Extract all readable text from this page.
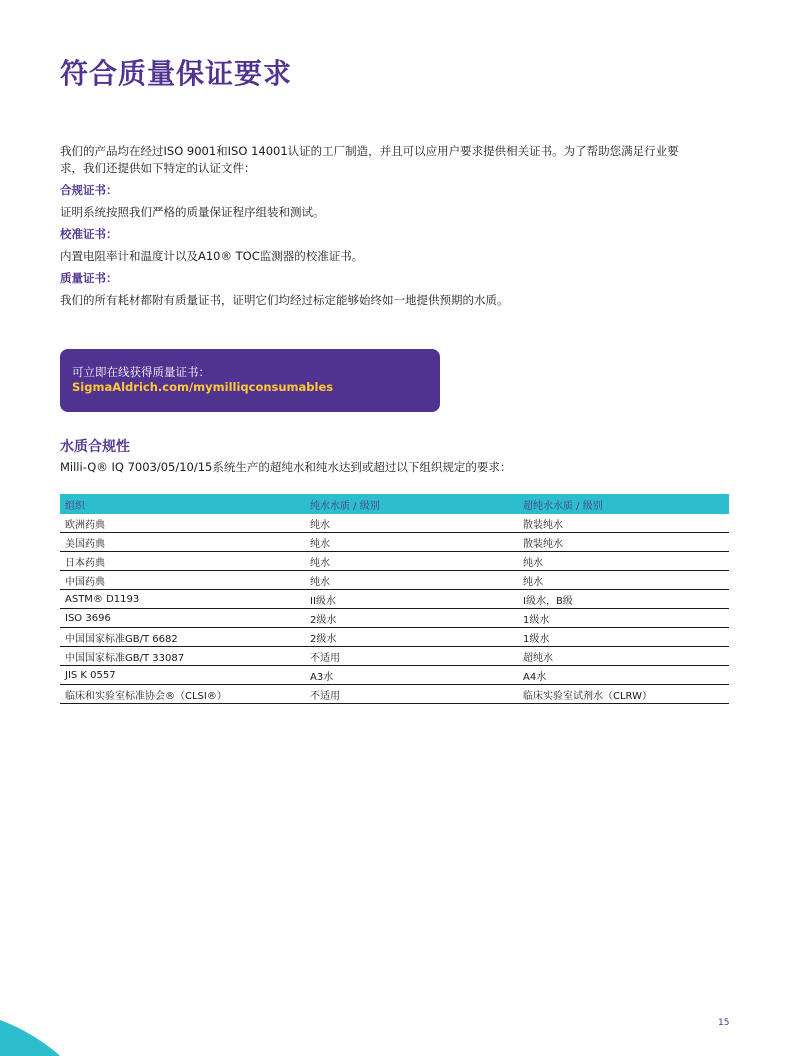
符合质量保证要求

我们的产品均在经过ISO 9001和ISO 14001认证的工厂制造，并且可以应用户要求提供相关证书。为了帮助您满足行业要求，我们还提供如下特定的认证文件：

合规证书：

证明系统按照我们严格的质量保证程序组装和测试。

校准证书：

内置电阻率计和温度计以及A10® TOC监测器的校准证书。

质量证书：

我们的所有耗材都附有质量证书，证明它们均经过标定能够始终如一地提供预期的水质。

可立即在线获得质量证书：
SigmaAldrich.com/mymilliqconsumables
水质合规性

Milli-Q® IQ 7003/05/10/15系统生产的超纯水和纯水达到或超过以下组织规定的要求：

组织	纯水水质 / 级别	超纯水水质 / 级别
欧洲药典	纯水	散装纯水
美国药典	纯水	散装纯水
日本药典	纯水	纯水
中国药典	纯水	纯水
ASTM® D1193	II级水	I级水，B级
ISO 3696	2级水	1级水
中国国家标准GB/T 6682	2级水	1级水
中国国家标准GB/T 33087	不适用	超纯水
JIS K 0557	A3水	A4水
临床和实验室标准协会®（CLSI®）	不适用	临床实验室试剂水（CLRW）
15
